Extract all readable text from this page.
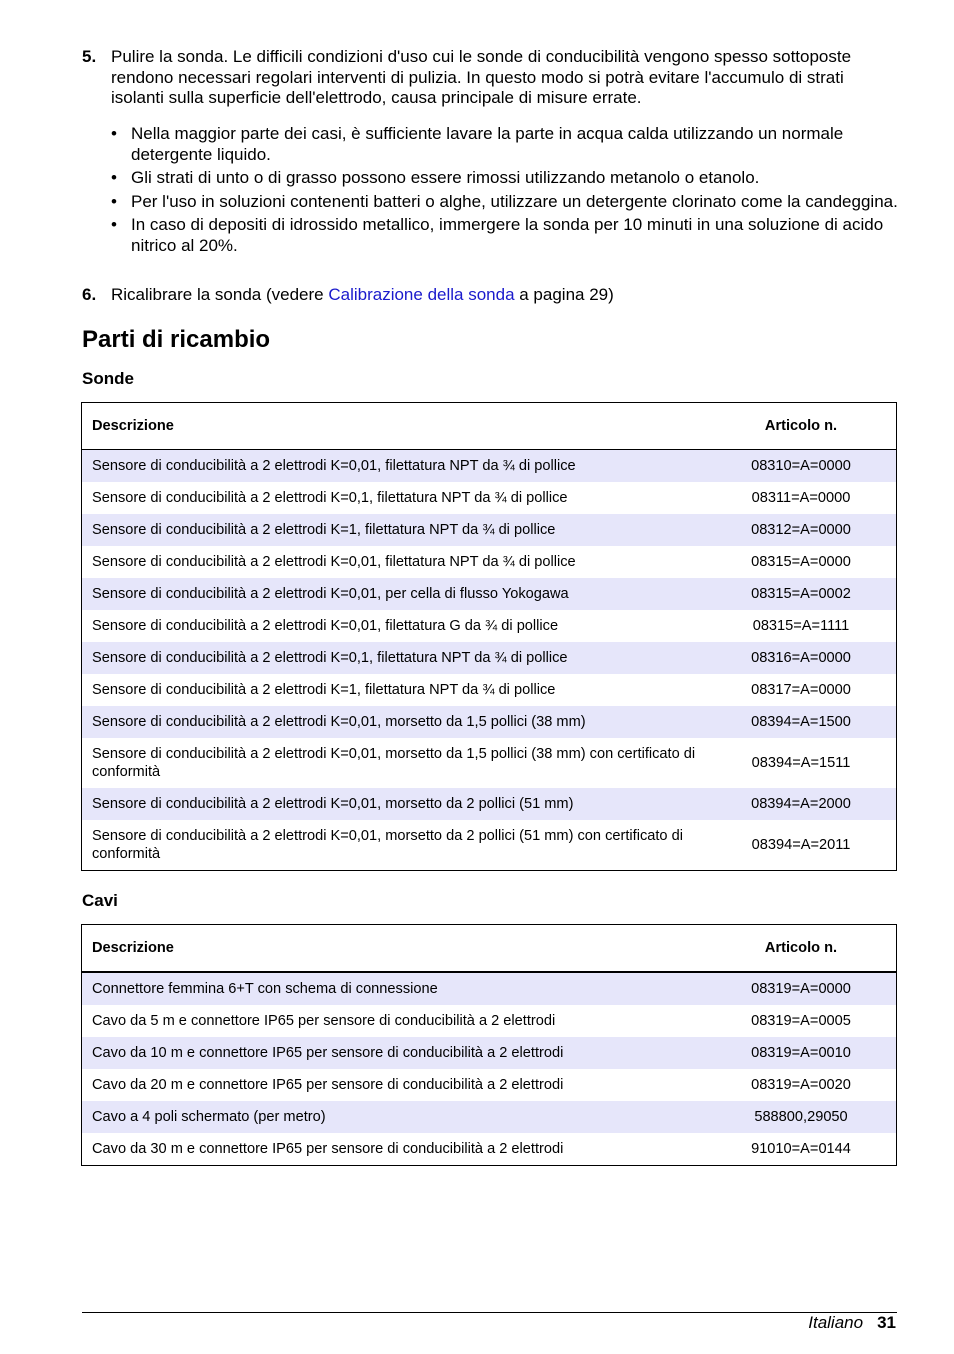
5. Pulire la sonda. Le difficili condizioni d'uso cui le sonde di conducibilità vengono spesso sottoposte rendono necessari regolari interventi di pulizia. In questo modo si potrà evitare l'accumulo di strati isolanti sulla superficie dell'elettrodo, causa principale di misure errate.
• Nella maggior parte dei casi, è sufficiente lavare la parte in acqua calda utilizzando un normale detergente liquido.
• Gli strati di unto o di grasso possono essere rimossi utilizzando metanolo o etanolo.
• Per l'uso in soluzioni contenenti batteri o alghe, utilizzare un detergente clorinato come la candeggina.
• In caso di depositi di idrossido metallico, immergere la sonda per 10 minuti in una soluzione di acido nitrico al 20%.
6. Ricalibrare la sonda (vedere Calibrazione della sonda a pagina 29)
Parti di ricambio
Sonde
Descrizione	Articolo n.
Sensore di conducibilità a 2 elettrodi K=0,01, filettatura NPT da ¾ di pollice	08310=A=0000
Sensore di conducibilità a 2 elettrodi K=0,1, filettatura NPT da ¾ di pollice	08311=A=0000
Sensore di conducibilità a 2 elettrodi K=1, filettatura NPT da ¾ di pollice	08312=A=0000
Sensore di conducibilità a 2 elettrodi K=0,01, filettatura NPT da ¾ di pollice	08315=A=0000
Sensore di conducibilità a 2 elettrodi K=0,01, per cella di flusso Yokogawa	08315=A=0002
Sensore di conducibilità a 2 elettrodi K=0,01, filettatura G da ¾ di pollice	08315=A=1111
Sensore di conducibilità a 2 elettrodi K=0,1, filettatura NPT da ¾ di pollice	08316=A=0000
Sensore di conducibilità a 2 elettrodi K=1, filettatura NPT da ¾ di pollice	08317=A=0000
Sensore di conducibilità a 2 elettrodi K=0,01, morsetto da 1,5 pollici (38 mm)	08394=A=1500
Sensore di conducibilità a 2 elettrodi K=0,01, morsetto da 1,5 pollici (38 mm) con certificato di conformità	08394=A=1511
Sensore di conducibilità a 2 elettrodi K=0,01, morsetto da 2 pollici (51 mm)	08394=A=2000
Sensore di conducibilità a 2 elettrodi K=0,01, morsetto da 2 pollici (51 mm) con certificato di conformità	08394=A=2011
Cavi
Descrizione	Articolo n.
Connettore femmina 6+T con schema di connessione	08319=A=0000
Cavo da 5 m e connettore IP65 per sensore di conducibilità a 2 elettrodi	08319=A=0005
Cavo da 10 m e connettore IP65 per sensore di conducibilità a 2 elettrodi	08319=A=0010
Cavo da 20 m e connettore IP65 per sensore di conducibilità a 2 elettrodi	08319=A=0020
Cavo a 4 poli schermato (per metro)	588800,29050
Cavo da 30 m e connettore IP65 per sensore di conducibilità a 2 elettrodi	91010=A=0144
Italiano 31
